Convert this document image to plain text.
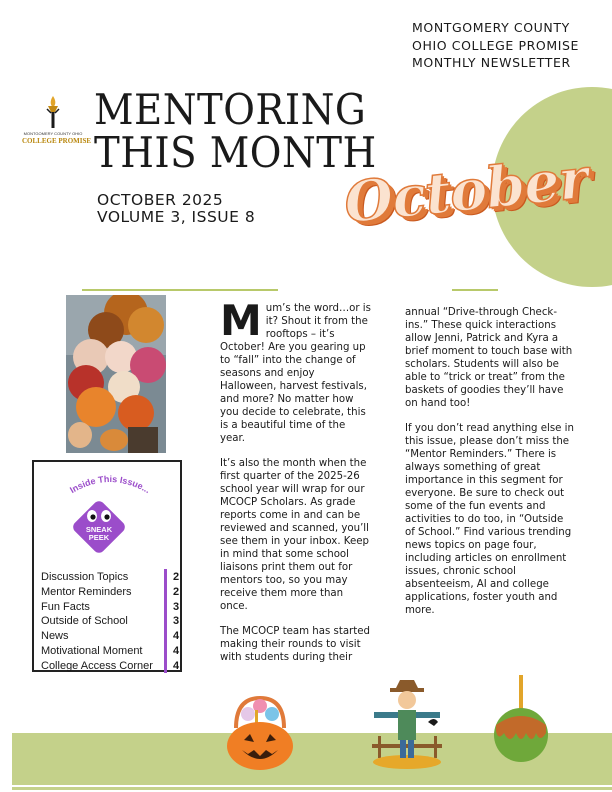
MONTGOMERY COUNTY
OHIO COLLEGE PROMISE
MONTHLY NEWSLETTER
MONTGOMERY COUNTY OHIO
COLLEGE PROMISE
MENTORING
THIS MONTH
OCTOBER 2025
VOLUME 3, ISSUE 8 October
Inside This Issue...
SNEAK
PEEK
Discussion Topics	2
Mentor Reminders	2
Fun Facts	3
Outside of School	3
News	4
Motivational Moment	4
College Access Corner 4

Mum’s the word…or is it? Shout it from the rooftops – it’s October! Are you gearing up to “fall” into the change of seasons and enjoy Halloween, harvest festivals, and more? No matter how you decide to celebrate, this is a beautiful time of the year.

It’s also the month when the first quarter of the 2025-26 school year will wrap for our MCOCP Scholars. As grade reports come in and can be reviewed and scanned, you’ll see them in your inbox. Keep in mind that some school liaisons print them out for mentors too, so you may receive them more than once.

The MCOCP team has started making their rounds to visit with students during their

annual “Drive-through Check-ins.” These quick interactions allow Jenni, Patrick and Kyra a brief moment to touch base with scholars. Students will also be able to “trick or treat” from the baskets of goodies they’ll have on hand too!

If you don’t read anything else in this issue, please don’t miss the “Mentor Reminders.” There is always something of great importance in this segment for everyone. Be sure to check out some of the fun events and activities to do too, in “Outside of School.” Find various trending news topics on page four, including articles on enrollment issues, chronic school absenteeism, AI and college applications, foster youth and more.
